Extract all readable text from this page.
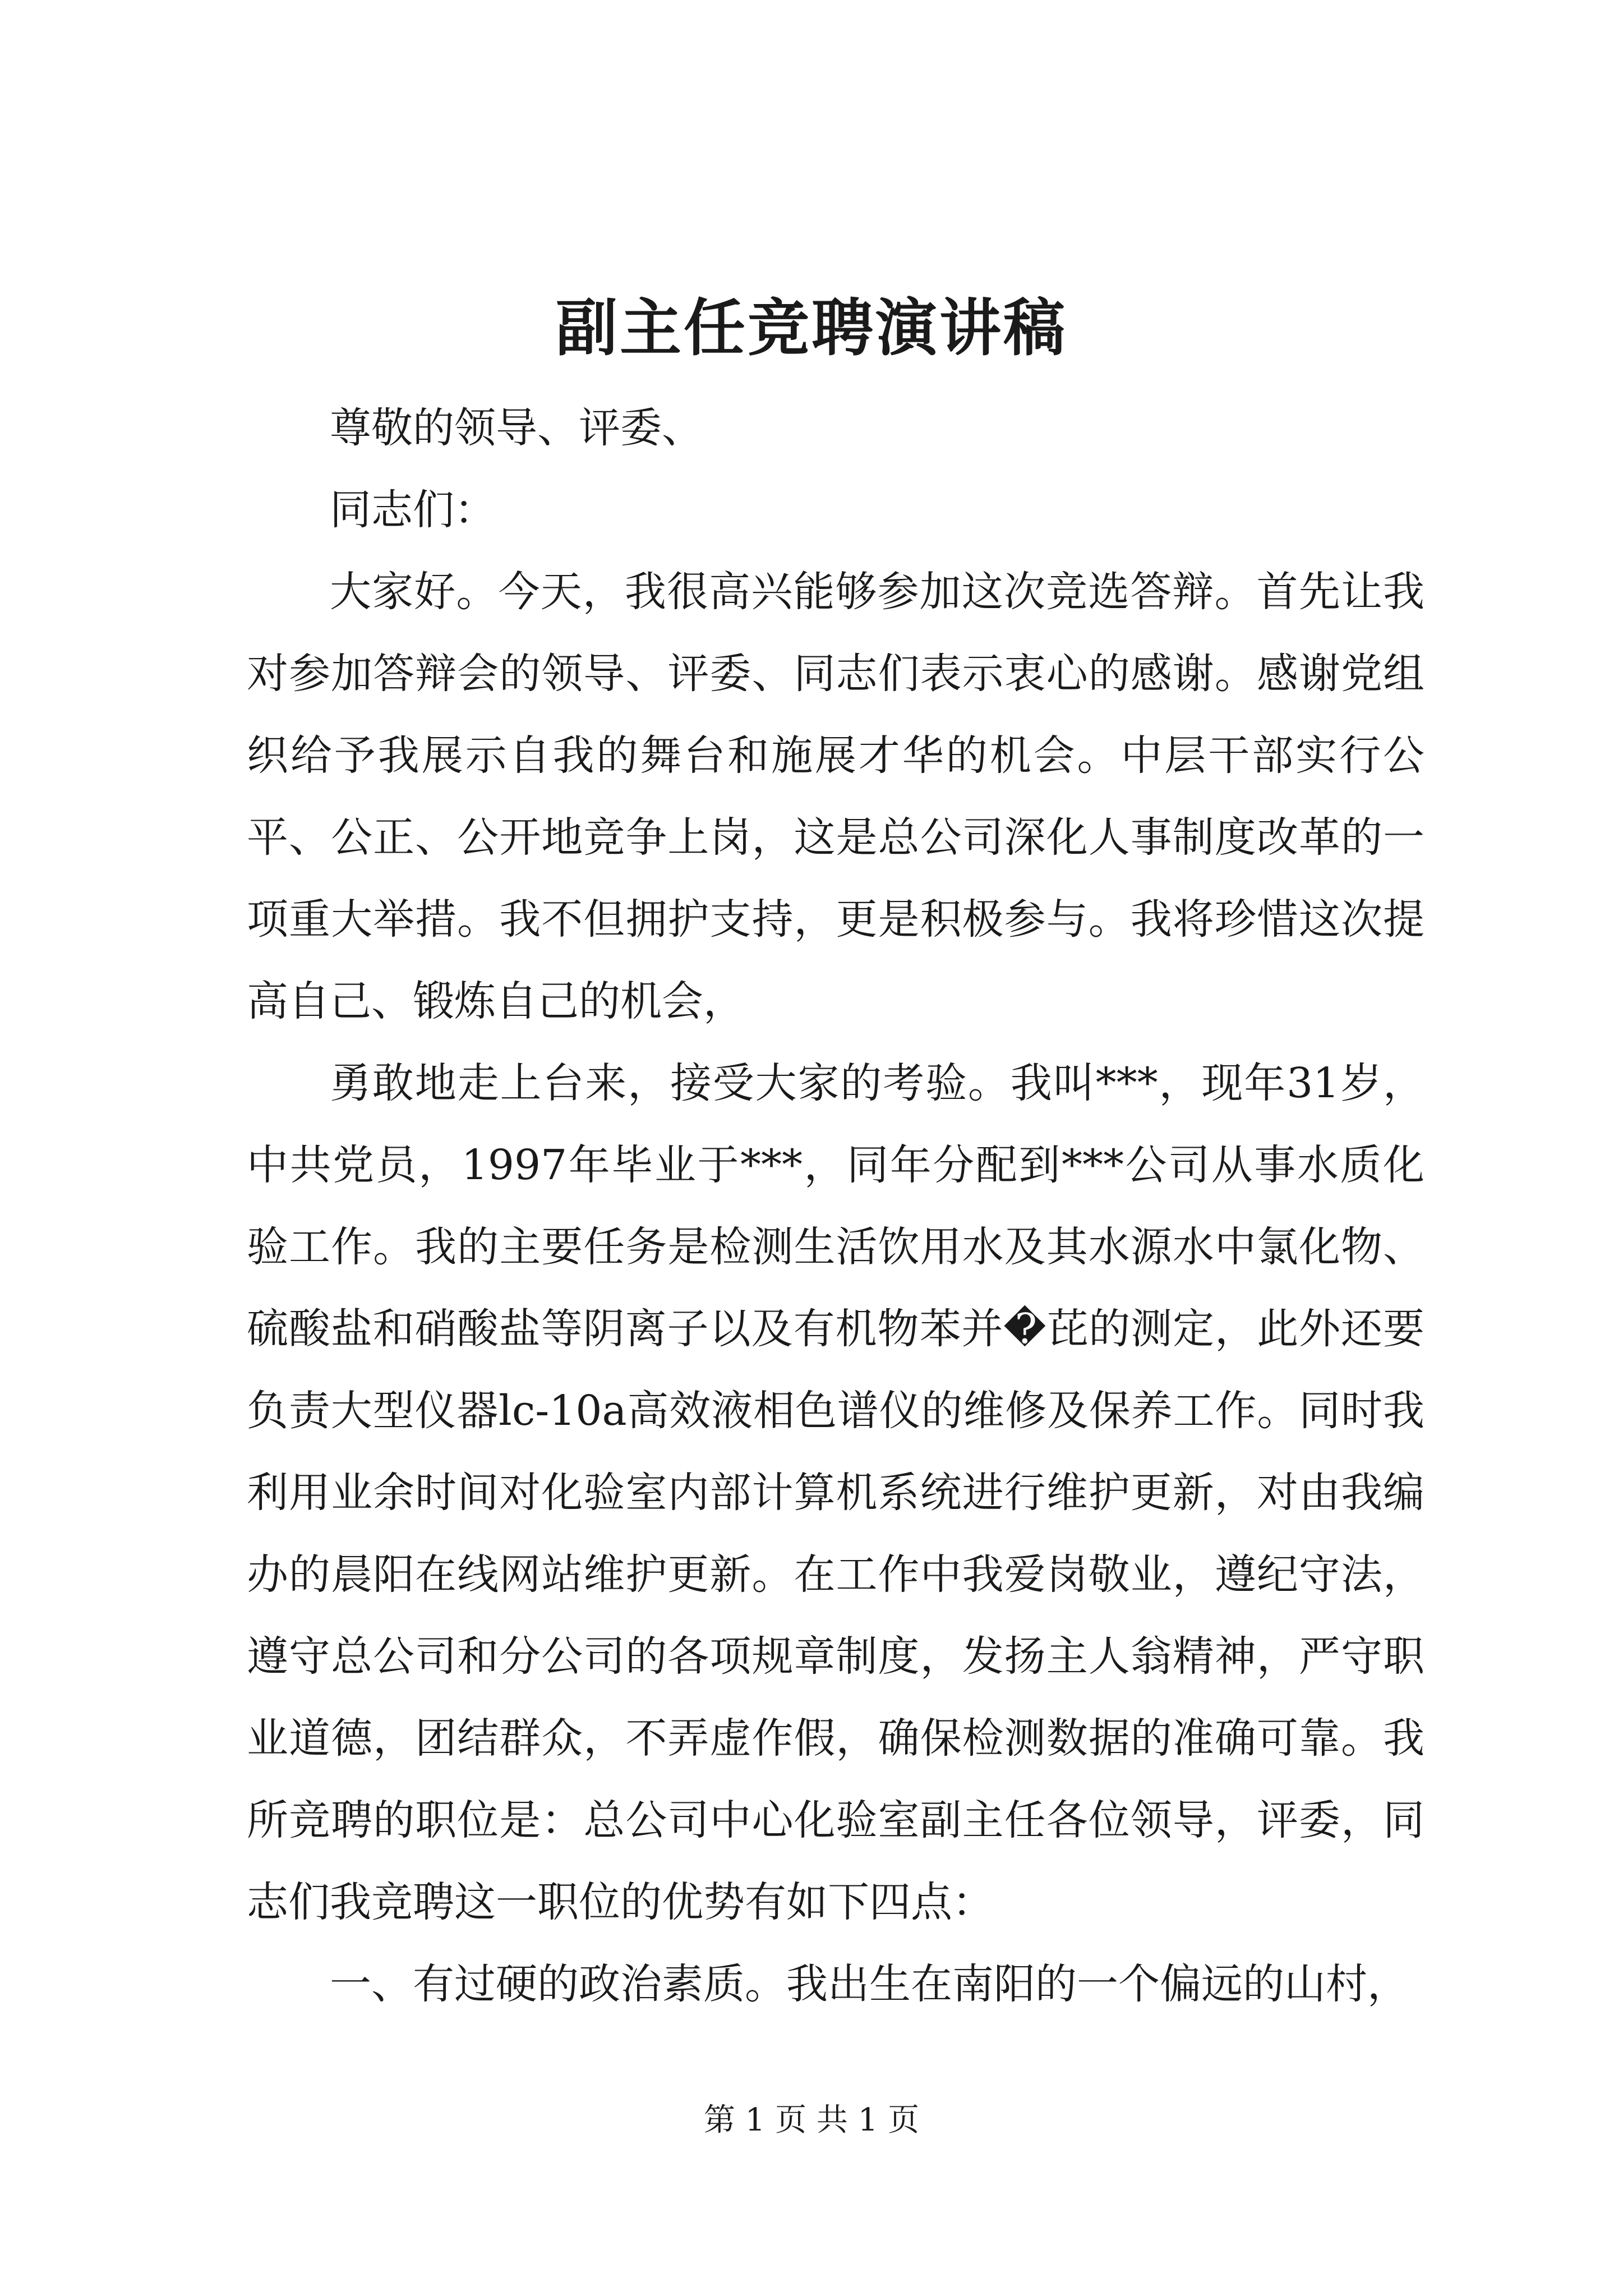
副主任竞聘演讲稿

尊敬的领导、评委、

同志们：

大家好。今天，我很高兴能够参加这次竞选答辩。首先让我对参加答辩会的领导、评委、同志们表示衷心的感谢。感谢党组织给予我展示自我的舞台和施展才华的机会。中层干部实行公平、公正、公开地竞争上岗，这是总公司深化人事制度改革的一项重大举措。我不但拥护支持，更是积极参与。我将珍惜这次提高自己、锻炼自己的机会，

勇敢地走上台来，接受大家的考验。我叫***，现年31岁，中共党员，1997年毕业于***，同年分配到***公司从事水质化验工作。我的主要任务是检测生活饮用水及其水源水中氯化物、硫酸盐和硝酸盐等阴离子以及有机物苯并�芘的测定，此外还要负责大型仪器lc-10a高效液相色谱仪的维修及保养工作。同时我利用业余时间对化验室内部计算机系统进行维护更新，对由我编办的晨阳在线网站维护更新。在工作中我爱岗敬业，遵纪守法，遵守总公司和分公司的各项规章制度，发扬主人翁精神，严守职业道德，团结群众，不弄虚作假，确保检测数据的准确可靠。我所竞聘的职位是：总公司中心化验室副主任各位领导，评委，同志们我竞聘这一职位的优势有如下四点：

一、有过硬的政治素质。我出生在南阳的一个偏远的山村，

第 1 页 共 1 页
